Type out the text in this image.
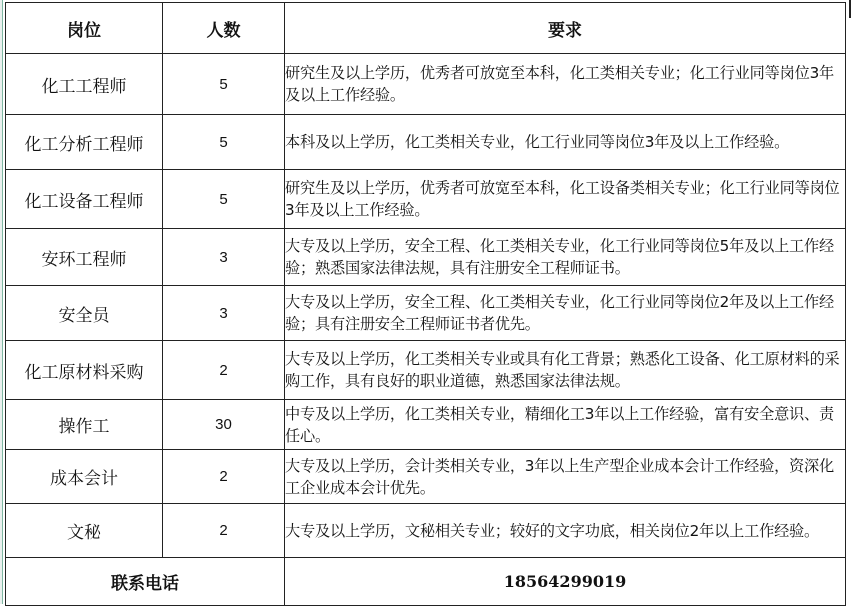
岗位	人数	要求
化工工程师	5	研究生及以上学历，优秀者可放宽至本科，化工类相关专业；化工行业同等岗位3年及以上工作经验。
化工分析工程师	5	本科及以上学历，化工类相关专业，化工行业同等岗位3年及以上工作经验。
化工设备工程师	5	研究生及以上学历，优秀者可放宽至本科，化工设备类相关专业；化工行业同等岗位3年及以上工作经验。
安环工程师	3	大专及以上学历，安全工程、化工类相关专业，化工行业同等岗位5年及以上工作经验；熟悉国家法律法规，具有注册安全工程师证书。
安全员	3	大专及以上学历，安全工程、化工类相关专业，化工行业同等岗位2年及以上工作经验；具有注册安全工程师证书者优先。
化工原材料采购	2	大专及以上学历，化工类相关专业或具有化工背景；熟悉化工设备、化工原材料的采购工作，具有良好的职业道德，熟悉国家法律法规。
操作工	30	中专及以上学历，化工类相关专业，精细化工3年以上工作经验，富有安全意识、责任心。
成本会计	2	大专及以上学历，会计类相关专业，3年以上生产型企业成本会计工作经验，资深化工企业成本会计优先。
文秘	2	大专及以上学历，文秘相关专业；较好的文字功底，相关岗位2年以上工作经验。
联系电话		18564299019
